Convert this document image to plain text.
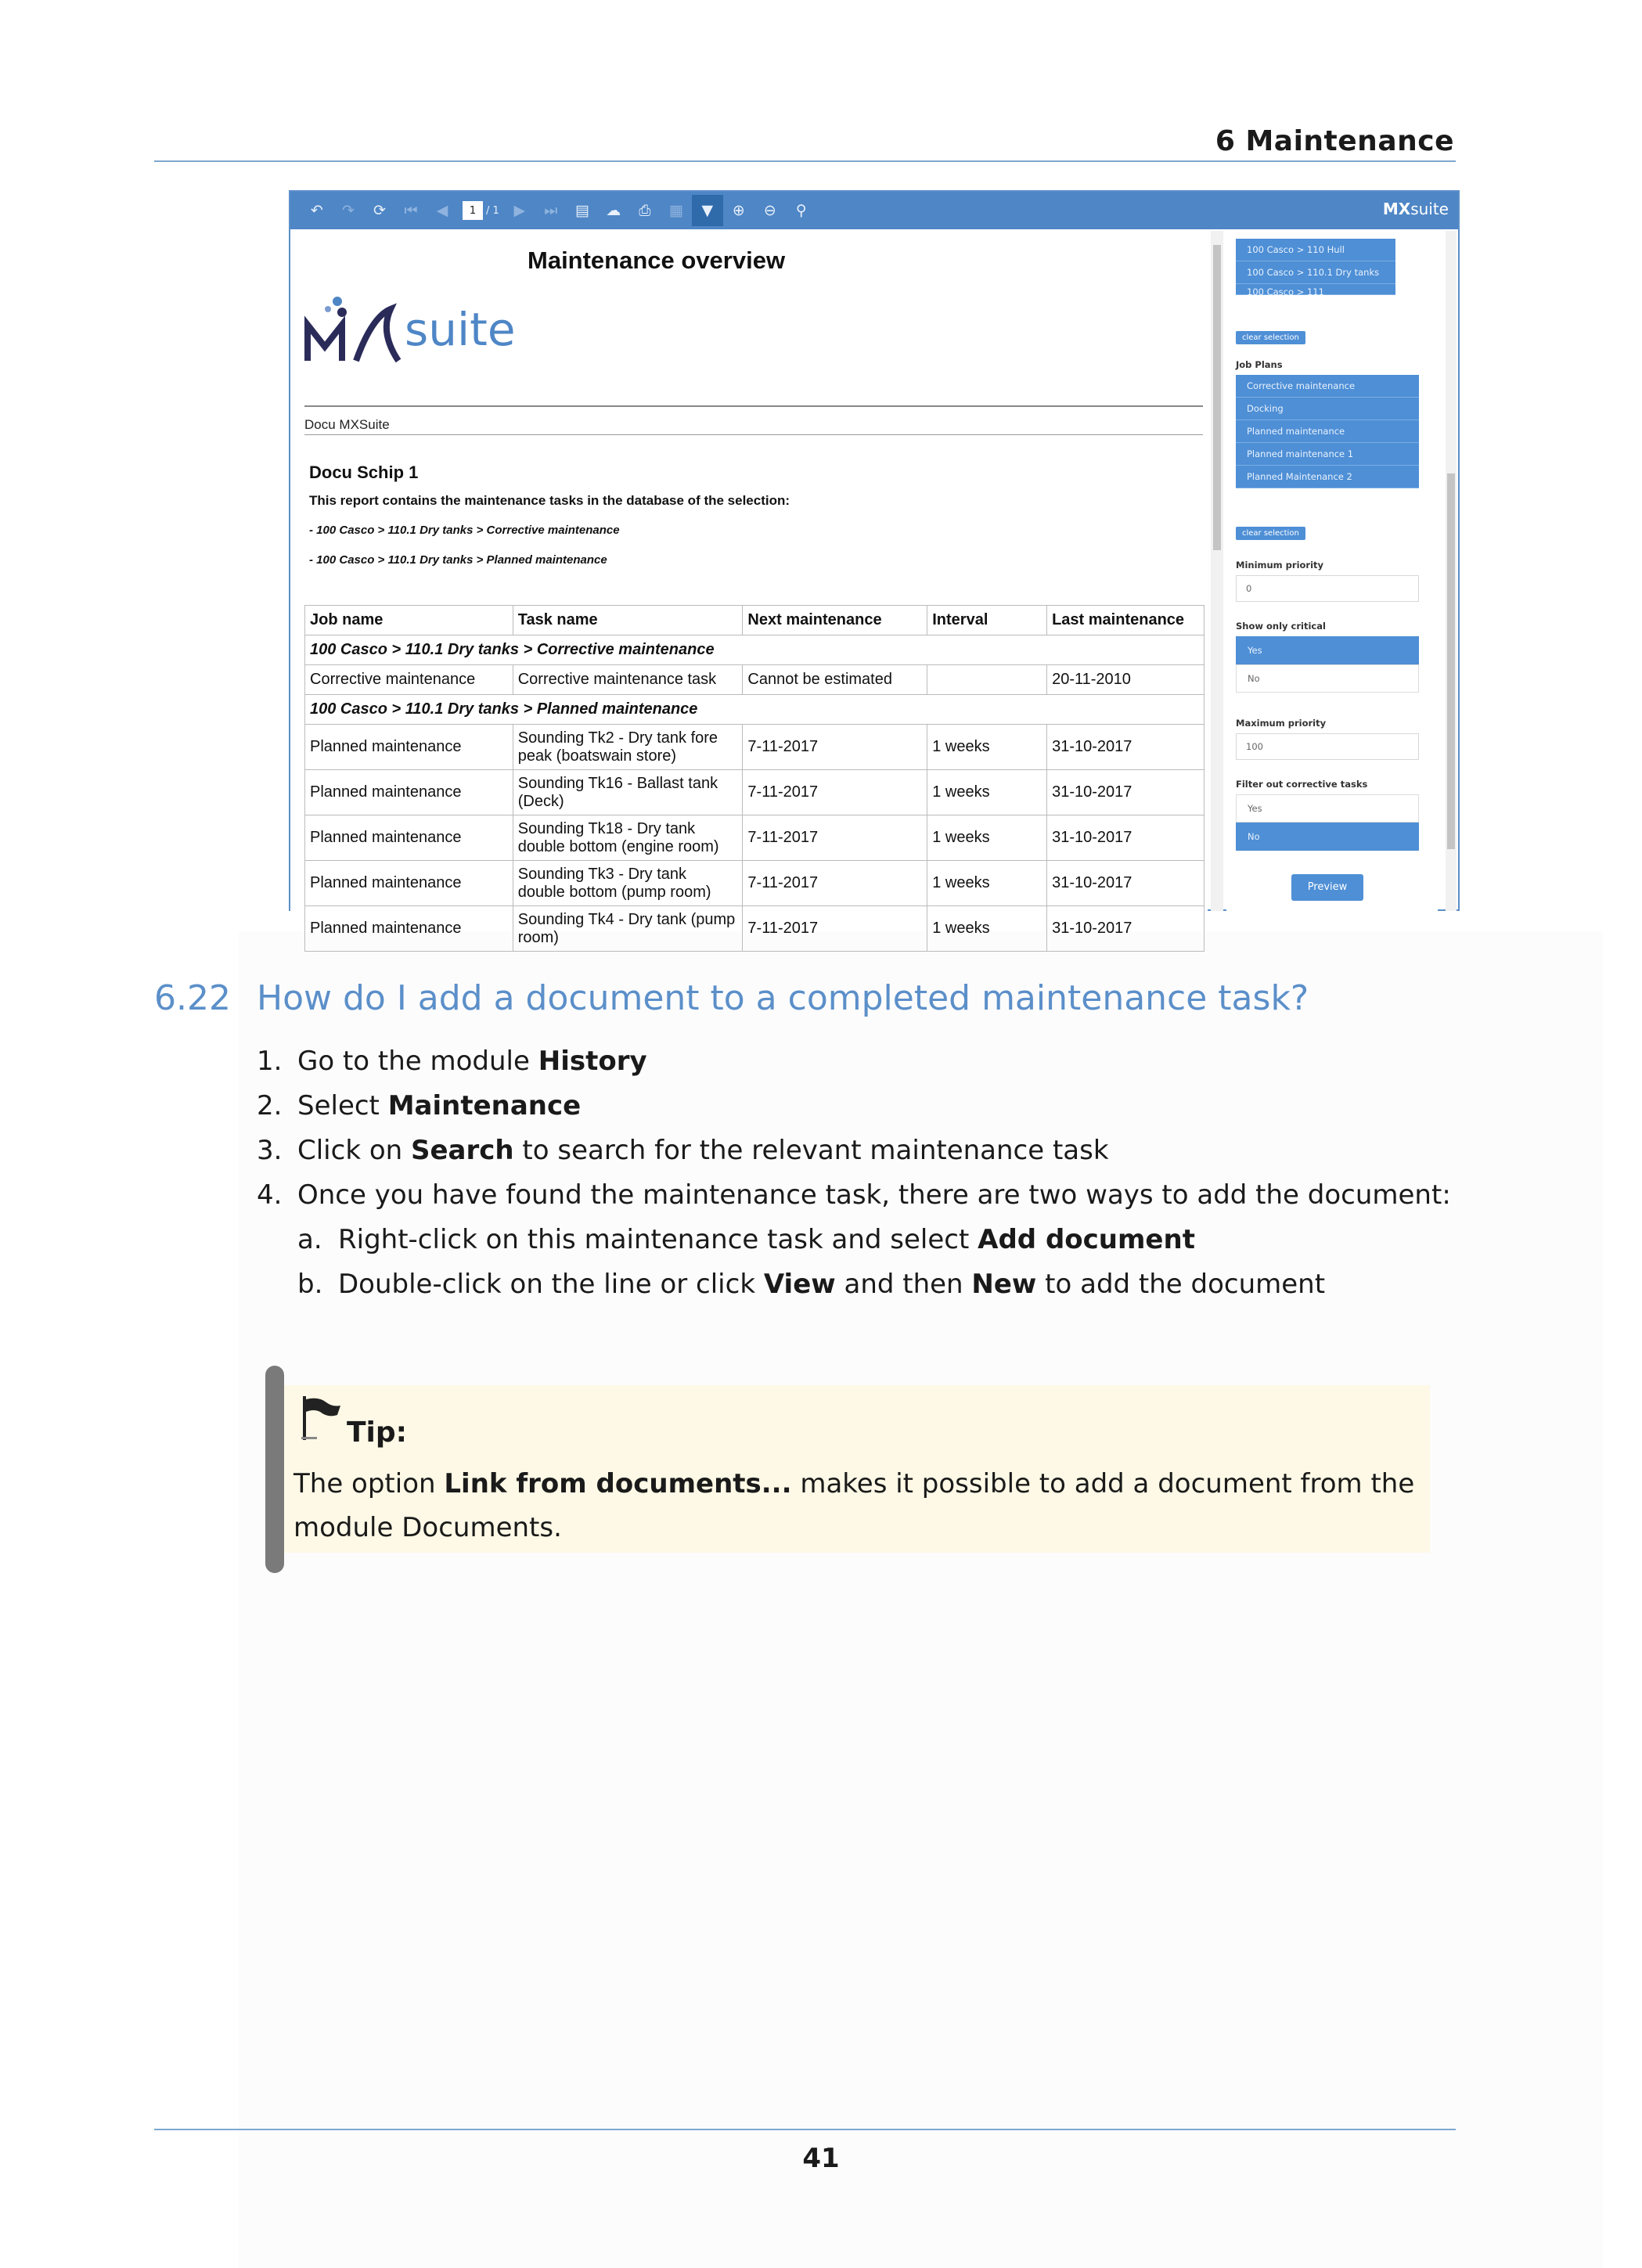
6 Maintenance
↶	↷	⟳	⏮	◀	1 / 1 ▶	⏭	▤	☁	⎙	▦	▼	⊕	⊖	⚲	MXsuite
suite
Maintenance overview
Docu MXSuite
Docu Schip 1
This report contains the maintenance tasks in the database of the selection:
- 100 Casco > 110.1 Dry tanks > Corrective maintenance
- 100 Casco > 110.1 Dry tanks > Planned maintenance
Job name	Task name	Next maintenance	Interval	Last maintenance
100 Casco > 110.1 Dry tanks > Corrective maintenance				
Corrective maintenance	Corrective maintenance task	Cannot be estimated		20-11-2010
100 Casco > 110.1 Dry tanks > Planned maintenance				
Planned maintenance	Sounding Tk2 - Dry tank fore peak (boatswain store)	7-11-2017	1 weeks	31-10-2017
Planned maintenance	Sounding Tk16 - Ballast tank (Deck)	7-11-2017	1 weeks	31-10-2017
Planned maintenance	Sounding Tk18 - Dry tank double bottom (engine room)	7-11-2017	1 weeks	31-10-2017
Planned maintenance	Sounding Tk3 - Dry tank double bottom (pump room)	7-11-2017	1 weeks	31-10-2017
Planned maintenance	Sounding Tk4 - Dry tank (pump room)	7-11-2017	1 weeks	31-10-2017
100 Casco > 110 Hull
100 Casco > 110.1 Dry tanks
100 Casco > 111
clear selection
Job Plans
Corrective maintenance
Docking
Planned maintenance
Planned maintenance 1
Planned Maintenance 2
clear selection
Minimum priority
0
Show only critical
Yes
No
Maximum priority
100
Filter out corrective tasks
Yes
No
Preview
6.22 How do I add a document to a completed maintenance task?
1. Go to the module History
2. Select Maintenance
3. Click on Search to search for the relevant maintenance task
4. Once you have found the maintenance task, there are two ways to add the document:
a. Right-click on this maintenance task and select Add document
b. Double-click on the line or click View and then New to add the document
Tip:
The option Link from documents... makes it possible to add a document from the module Documents.
41
